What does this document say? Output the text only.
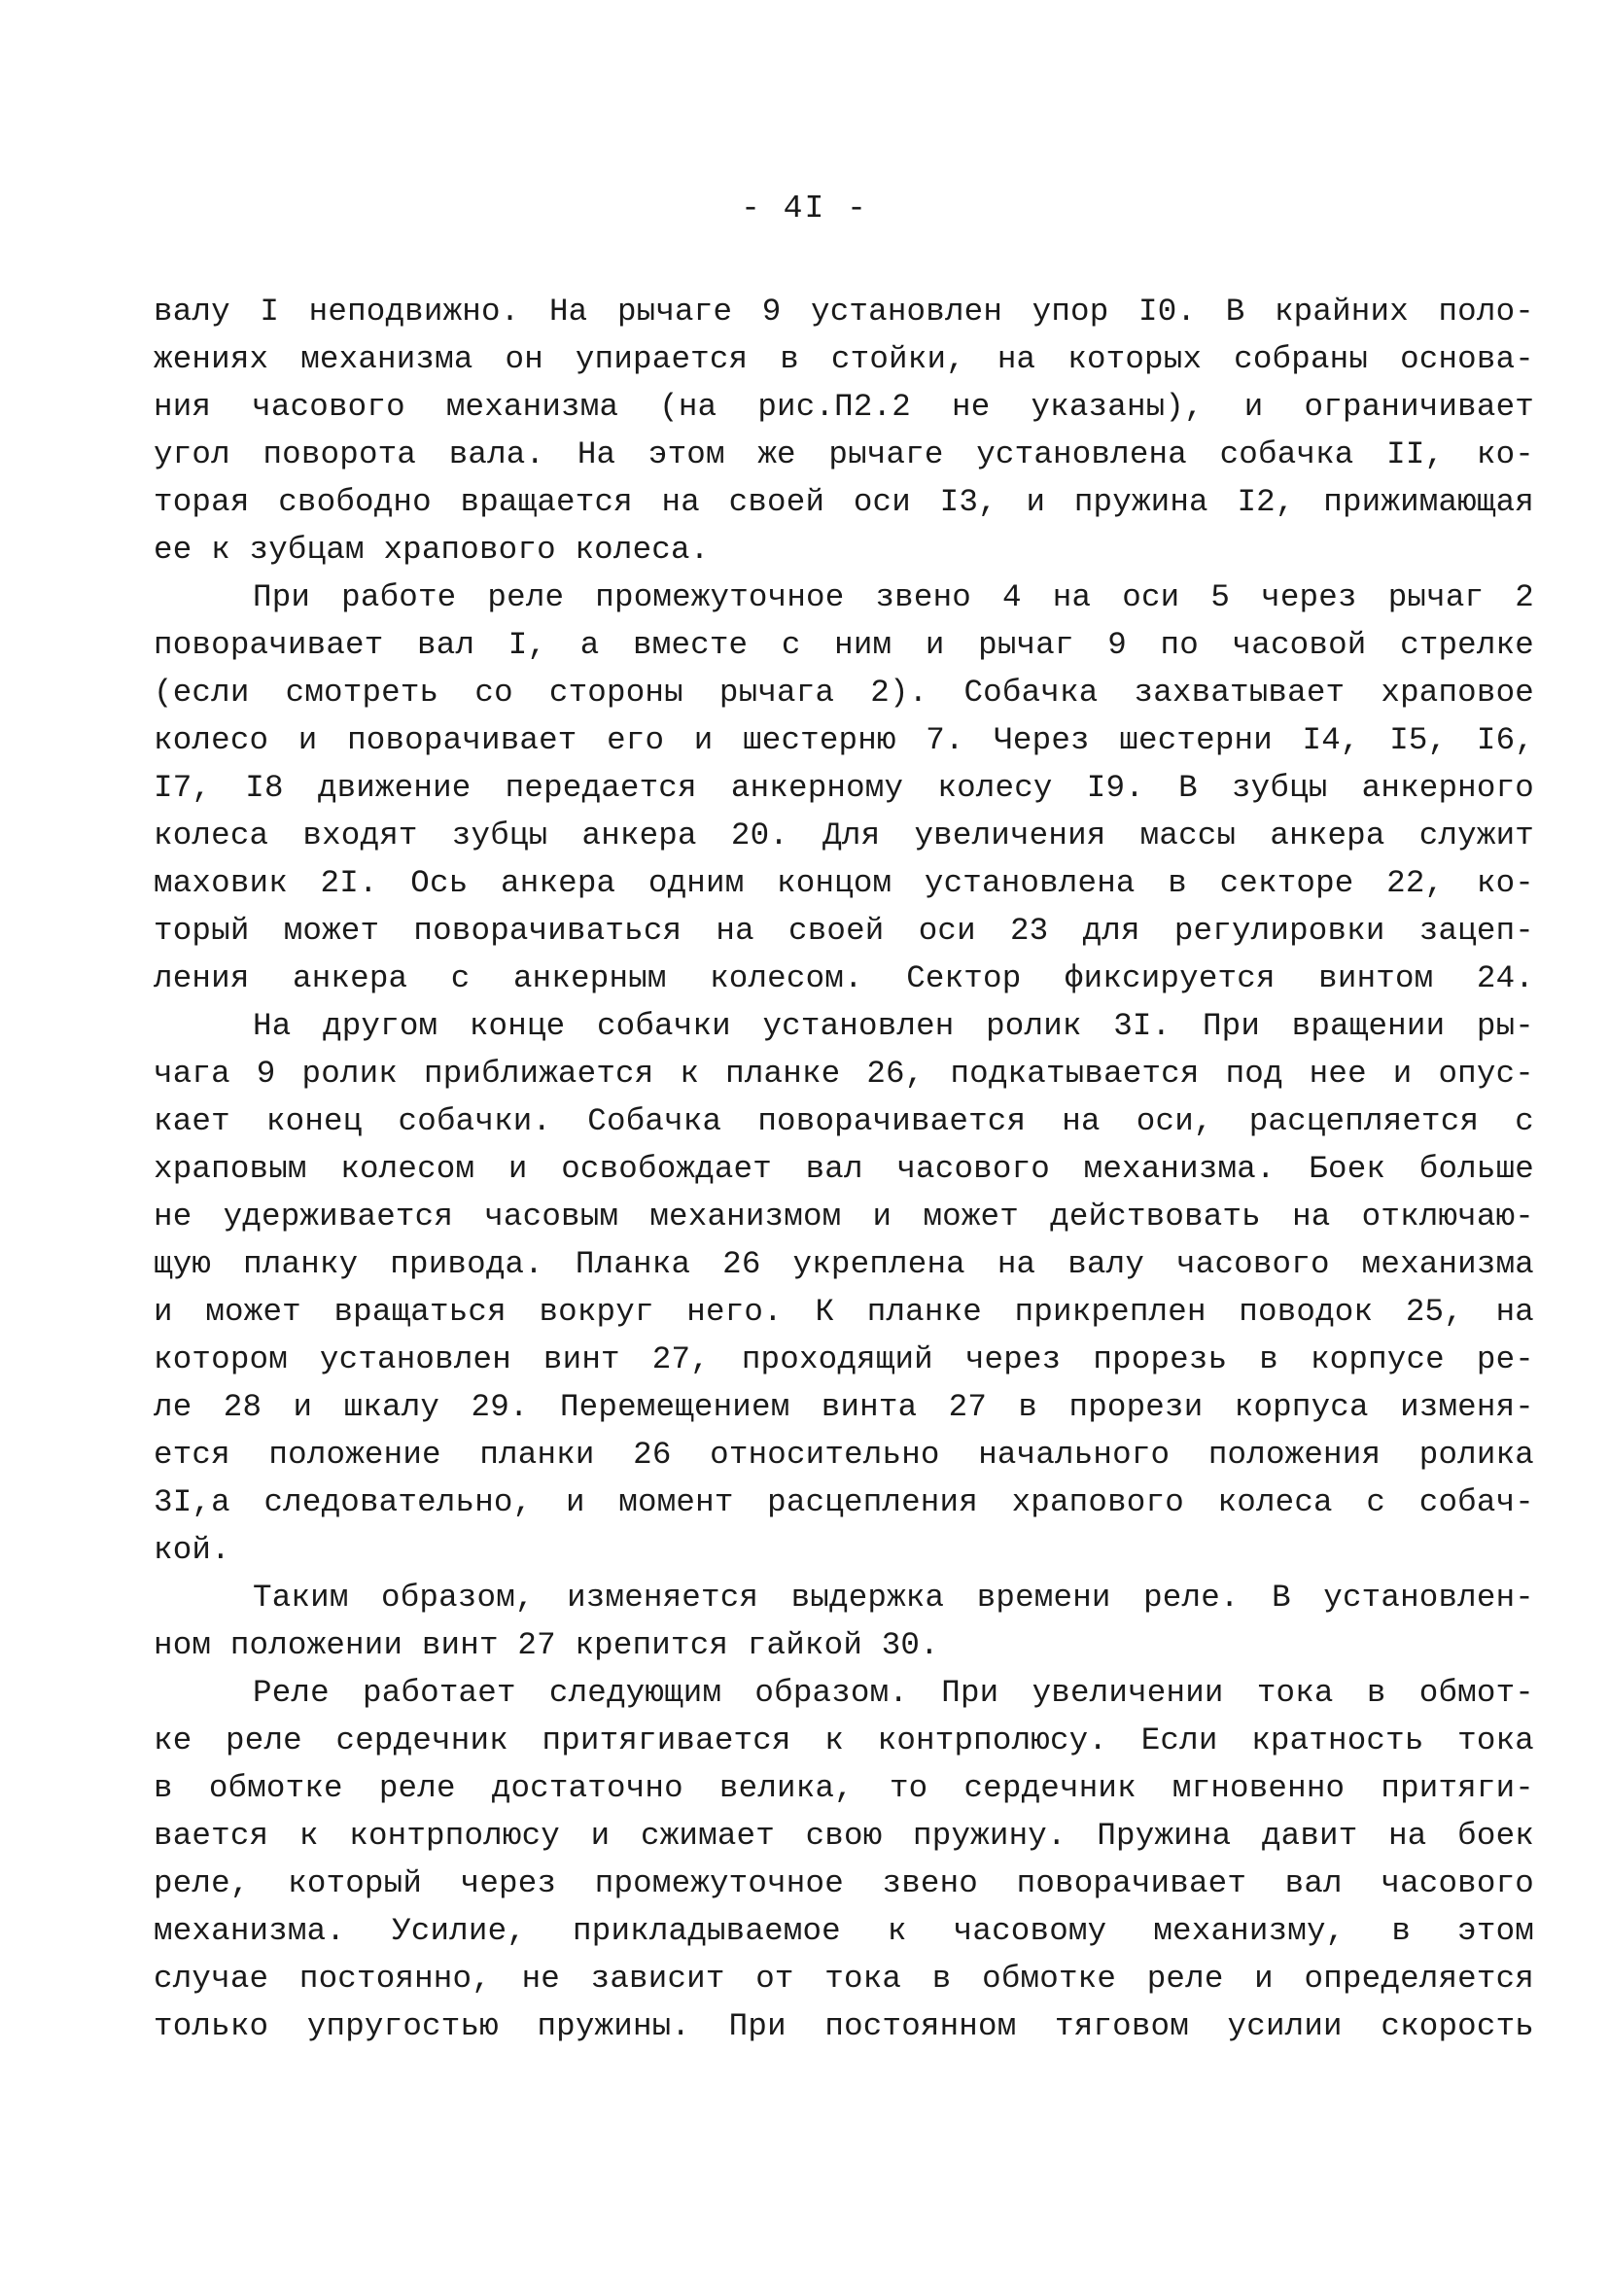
- 4I -
валу I неподвижно. На рычаге 9 установлен упор I0. В крайних поло-
жениях механизма он упирается в стойки, на которых собраны основа-
ния часового механизма (на рис.П2.2 не указаны), и ограничивает
угол поворота вала. На этом же рычаге установлена собачка II, ко-
торая свободно вращается на своей оси I3, и пружина I2, прижимающая
ее к зубцам храпового колеса.
При работе реле промежуточное звено 4 на оси 5 через рычаг 2
поворачивает вал I, а вместе с ним и рычаг 9 по часовой стрелке
(если смотреть со стороны рычага 2). Собачка захватывает храповое
колесо и поворачивает его и шестерню 7. Через шестерни I4, I5, I6,
I7, I8 движение передается анкерному колесу I9. В зубцы анкерного
колеса входят зубцы анкера 20. Для увеличения массы анкера служит
маховик 2I. Ось анкера одним концом установлена в секторе 22, ко-
торый может поворачиваться на своей оси 23 для регулировки зацеп-
ления анкера с анкерным колесом. Сектор фиксируется винтом 24.
На другом конце собачки установлен ролик 3I. При вращении ры-
чага 9 ролик приближается к планке 26, подкатывается под нее и опус-
кает конец собачки. Собачка поворачивается на оси, расцепляется с
храповым колесом и освобождает вал часового механизма. Боек больше
не удерживается часовым механизмом и может действовать на отключаю-
щую планку привода. Планка 26 укреплена на валу часового механизма
и может вращаться вокруг него. К планке прикреплен поводок 25, на
котором установлен винт 27, проходящий через прорезь в корпусе ре-
ле 28 и шкалу 29. Перемещением винта 27 в прорези корпуса изменя-
ется положение планки 26 относительно начального положения ролика
3I,а следовательно, и момент расцепления храпового колеса с собач-
кой.
Таким образом, изменяется выдержка времени реле. В установлен-
ном положении винт 27 крепится гайкой 30.
Реле работает следующим образом. При увеличении тока в обмот-
ке реле сердечник притягивается к контрполюсу. Если кратность тока
в обмотке реле достаточно велика, то сердечник мгновенно притяги-
вается к контрполюсу и сжимает свою пружину. Пружина давит на боек
реле, который через промежуточное звено поворачивает вал часового
механизма. Усилие, прикладываемое к часовому механизму, в этом
случае постоянно, не зависит от тока в обмотке реле и определяется
только упругостью пружины. При постоянном тяговом усилии скорость
